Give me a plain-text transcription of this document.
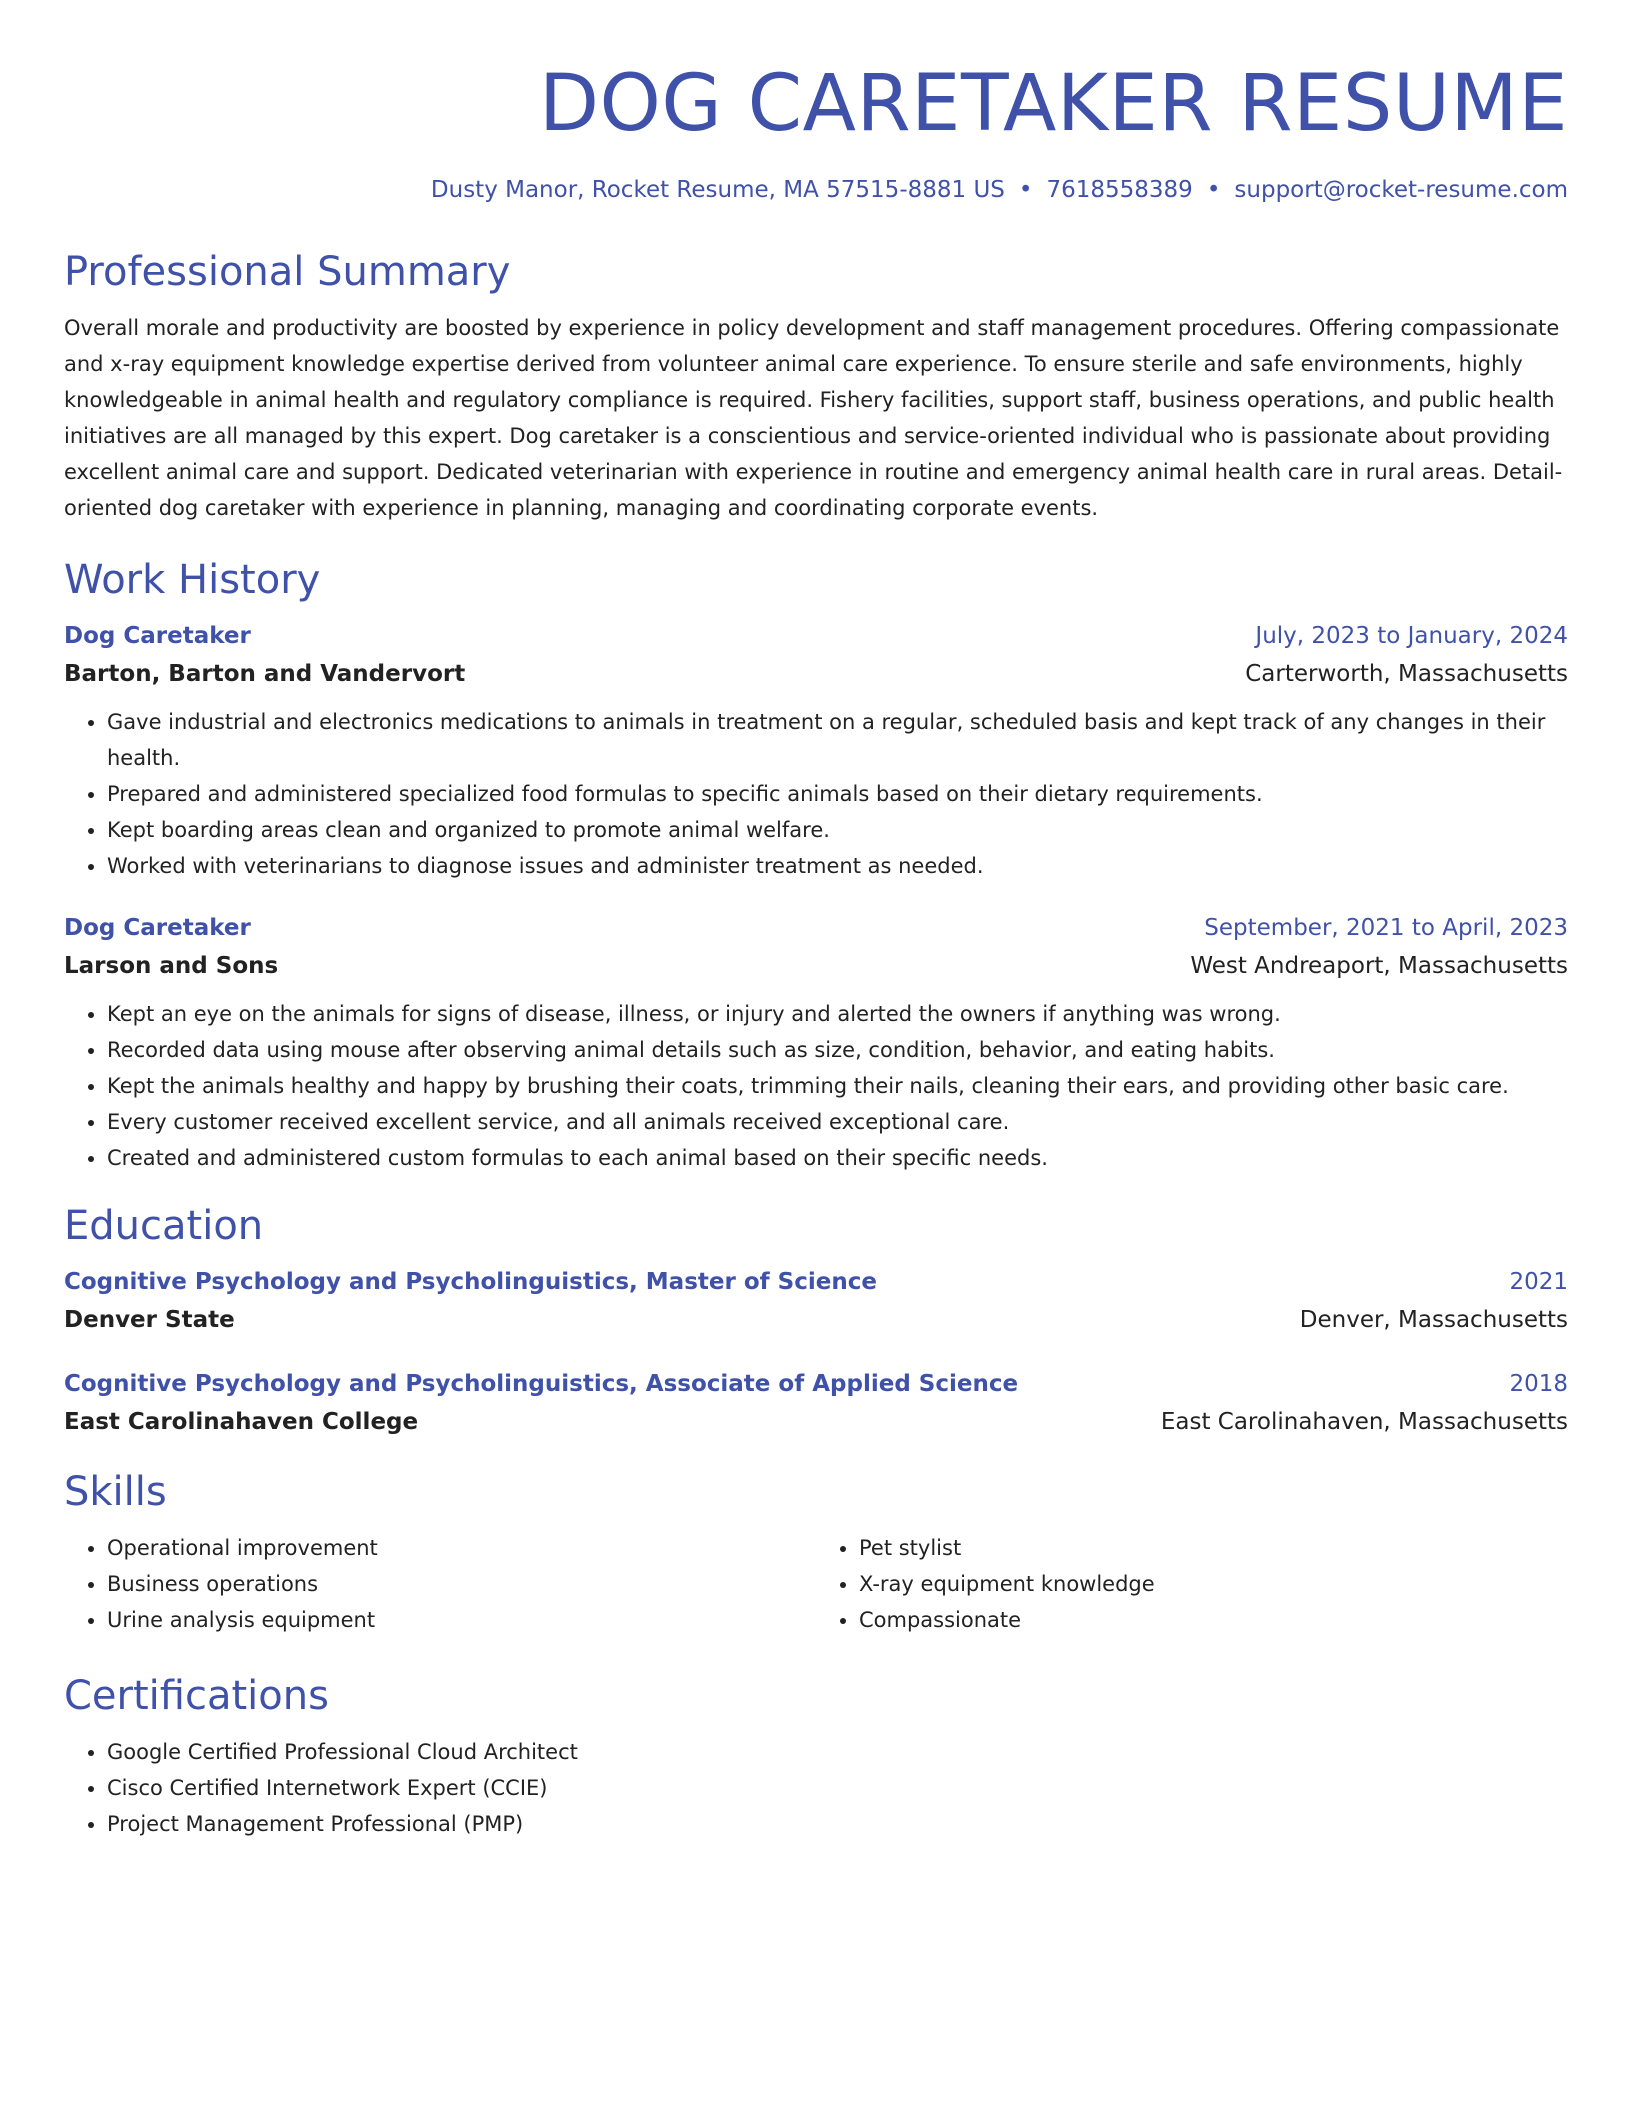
DOG CARETAKER RESUME
Dusty Manor, Rocket Resume, MA 57515-8881 US • 7618558389 • support@rocket-resume.com
Professional Summary

Overall morale and productivity are boosted by experience in policy development and staff management procedures. Offering compassionate and x-ray equipment knowledge expertise derived from volunteer animal care experience. To ensure sterile and safe environments, highly knowledgeable in animal health and regulatory compliance is required. Fishery facilities, support staff, business operations, and public health initiatives are all managed by this expert. Dog caretaker is a conscientious and service-oriented individual who is passionate about providing excellent animal care and support. Dedicated veterinarian with experience in routine and emergency animal health care in rural areas. Detail-oriented dog caretaker with experience in planning, managing and coordinating corporate events.

Work History
Dog Caretaker	July, 2023 to January, 2024
Barton, Barton and Vandervort	Carterworth, Massachusetts
• Gave industrial and electronics medications to animals in treatment on a regular, scheduled basis and kept track of any changes in their health.
• Prepared and administered specialized food formulas to specific animals based on their dietary requirements.
• Kept boarding areas clean and organized to promote animal welfare.
• Worked with veterinarians to diagnose issues and administer treatment as needed.
Dog Caretaker	September, 2021 to April, 2023
Larson and Sons	West Andreaport, Massachusetts
• Kept an eye on the animals for signs of disease, illness, or injury and alerted the owners if anything was wrong.
• Recorded data using mouse after observing animal details such as size, condition, behavior, and eating habits.
• Kept the animals healthy and happy by brushing their coats, trimming their nails, cleaning their ears, and providing other basic care.
• Every customer received excellent service, and all animals received exceptional care.
• Created and administered custom formulas to each animal based on their specific needs.
Education
Cognitive Psychology and Psycholinguistics, Master of Science	2021
Denver State	Denver, Massachusetts
Cognitive Psychology and Psycholinguistics, Associate of Applied Science	2018
East Carolinahaven College	East Carolinahaven, Massachusetts
Skills
• Operational improvement
• Business operations
• Urine analysis equipment
• Pet stylist
• X-ray equipment knowledge
• Compassionate
Certifications
• Google Certified Professional Cloud Architect
• Cisco Certified Internetwork Expert (CCIE)
• Project Management Professional (PMP)
